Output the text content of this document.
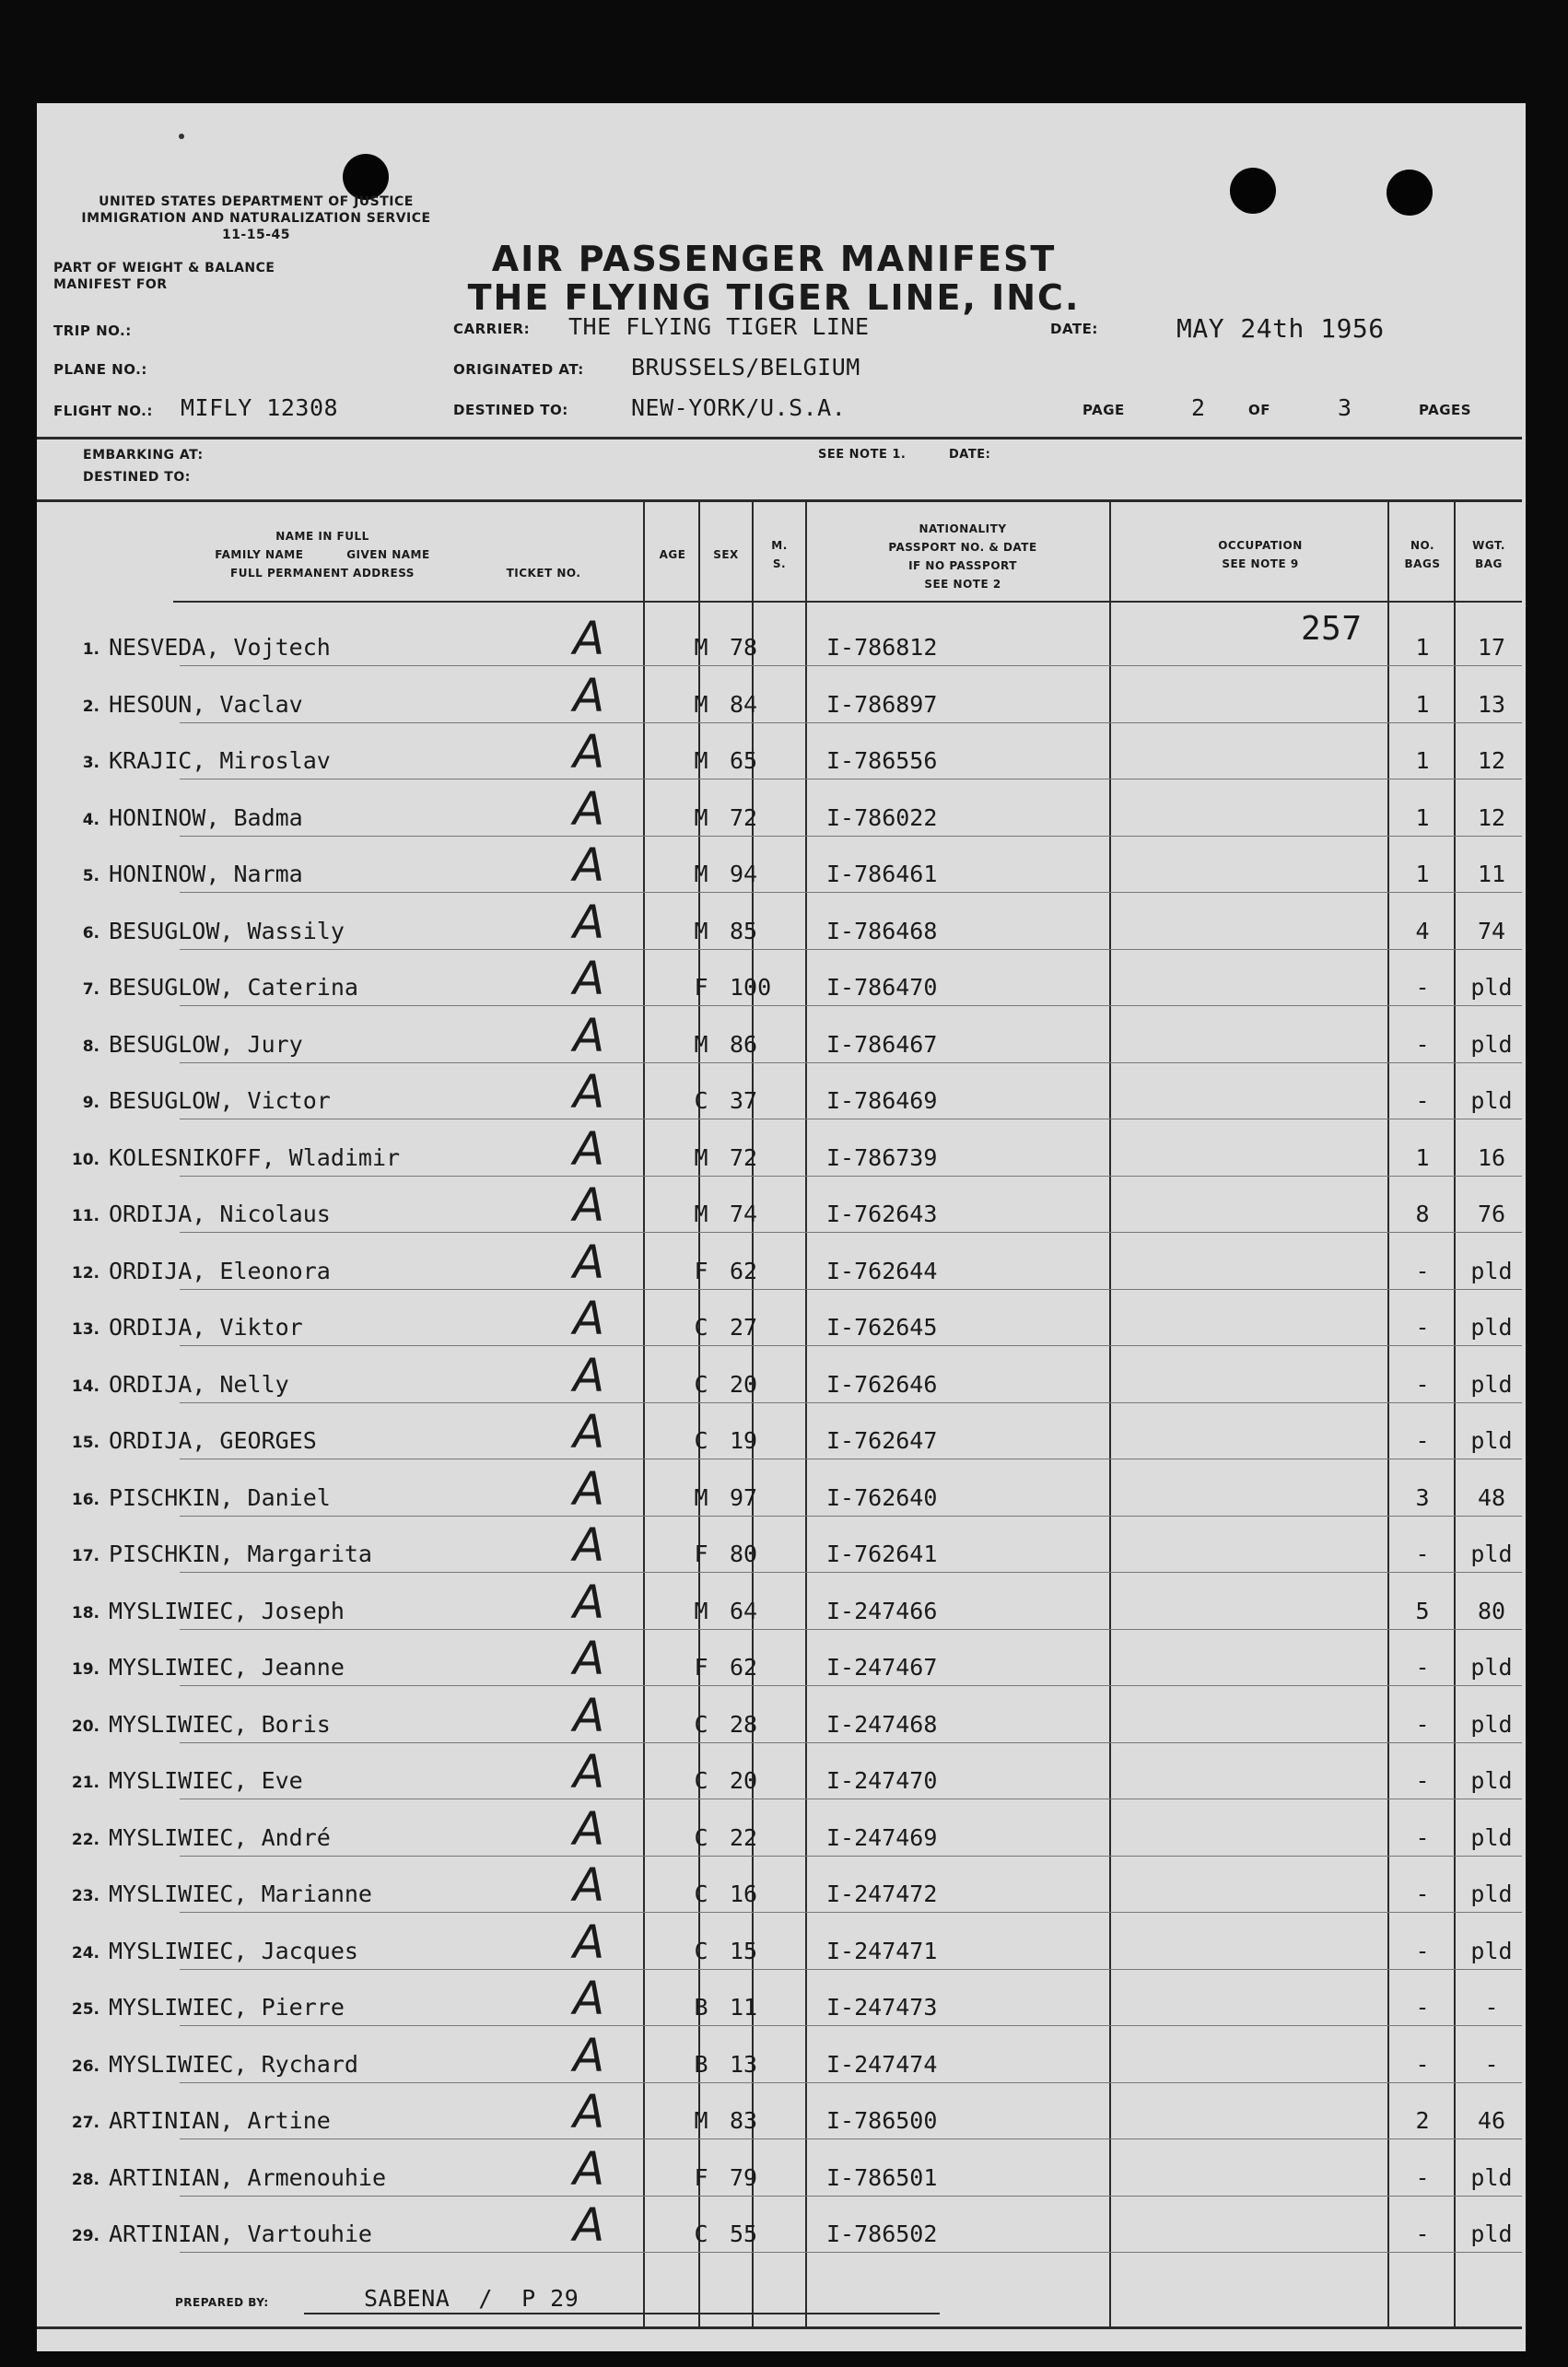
UNITED STATES DEPARTMENT OF JUSTICE
IMMIGRATION AND NATURALIZATION SERVICE
11-15-45
PART OF WEIGHT & BALANCE
MANIFEST FOR
AIR PASSENGER MANIFEST
THE FLYING TIGER LINE, INC.
TRIP NO.:
PLANE NO.:
FLIGHT NO.: MIFLY 12308
CARRIER: THE FLYING TIGER LINE
ORIGINATED AT: BRUSSELS/BELGIUM
DESTINED TO:	NEW-YORK/U.S.A.
DATE:	MAY 24th 1956
PAGE	2	OF	3	PAGES
EMBARKING AT:
DESTINED TO:
SEE NOTE 1.	DATE:
NAME IN FULL
FAMILY NAME          GIVEN NAME
FULL PERMANENT ADDRESS	TICKET NO.
AGE	SEX
M.
S.
NATIONALITY
PASSPORT NO. & DATE
IF NO PASSPORT
SEE NOTE 2
OCCUPATION
SEE NOTE 9
NO.
BAGS
WGT.
BAG
257
1. NESVEDA, Vojtech	A	M 78	I-786812	1	17
2. HESOUN, Vaclav	A	M 84	I-786897	1	13
3. KRAJIC, Miroslav	A	M 65	I-786556	1	12
4. HONINOW, Badma	A	M 72	I-786022	1	12
5. HONINOW, Narma	A	M 94	I-786461	1	11
6. BESUGLOW, Wassily	A	M 85	I-786468	4	74
7. BESUGLOW, Caterina	A	F 100 I-786470	-	pld
8. BESUGLOW, Jury	A	M 86	I-786467	-	pld
9. BESUGLOW, Victor	A	C 37	I-786469	-	pld
10. KOLESNIKOFF, Wladimir	A	M 72	I-786739	1	16
11. ORDIJA, Nicolaus	A	M 74	I-762643	8	76
12. ORDIJA, Eleonora	A	F 62	I-762644	-	pld
13. ORDIJA, Viktor	A	C 27	I-762645	-	pld
14. ORDIJA, Nelly	A	C 20	I-762646	-	pld
15. ORDIJA, GEORGES	A	C 19	I-762647	-	pld
16. PISCHKIN, Daniel	A	M 97	I-762640	3	48
17. PISCHKIN, Margarita	A	F 80	I-762641	-	pld
18. MYSLIWIEC, Joseph	A	M 64	I-247466	5	80
19. MYSLIWIEC, Jeanne	A	F 62	I-247467	-	pld
20. MYSLIWIEC, Boris	A	C 28	I-247468	-	pld
21. MYSLIWIEC, Eve	A	C 20	I-247470	-	pld
22. MYSLIWIEC, André	A	C 22	I-247469	-	pld
23. MYSLIWIEC, Marianne	A	C 16	I-247472	-	pld
24. MYSLIWIEC, Jacques	A	C 15	I-247471	-	pld
25. MYSLIWIEC, Pierre	A	B 11	I-247473	-	-
26. MYSLIWIEC, Rychard	A	B 13	I-247474	-	-
27. ARTINIAN, Artine	A	M 83	I-786500	2	46
28. ARTINIAN, Armenouhie	A	F 79	I-786501	-	pld
29. ARTINIAN, Vartouhie	A	C 55	I-786502	-	pld
PREPARED BY:	SABENA  /  P 29
